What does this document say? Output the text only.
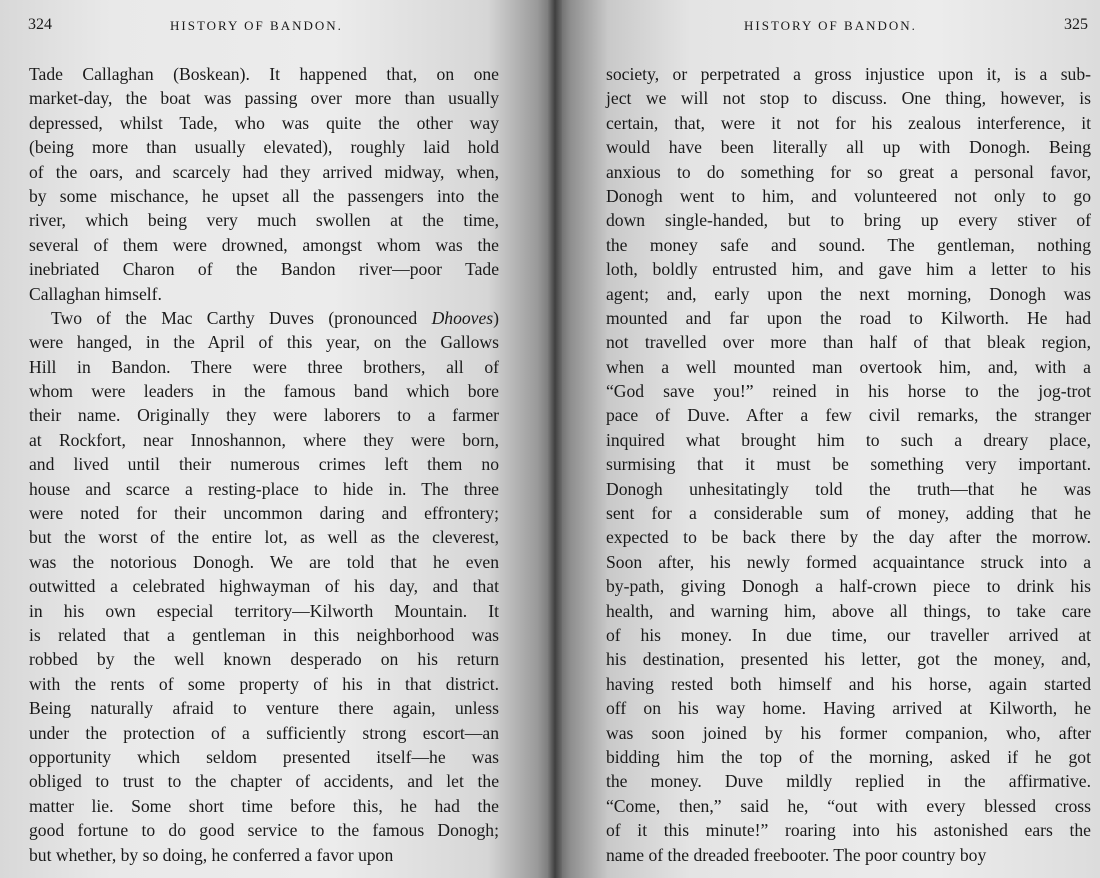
324	HISTORY OF BANDON.
Tade Callaghan (Boskean). It happened that, on one
market-day, the boat was passing over more than usually
depressed, whilst Tade, who was quite the other way
(being more than usually elevated), roughly laid hold
of the oars, and scarcely had they arrived midway, when,
by some mischance, he upset all the passengers into the
river, which being very much swollen at the time,
several of them were drowned, amongst whom was the
inebriated Charon of the Bandon river—poor Tade
Callaghan himself.
Two of the Mac Carthy Duves (pronounced Dhooves)
were hanged, in the April of this year, on the Gallows
Hill in Bandon. There were three brothers, all of
whom were leaders in the famous band which bore
their name. Originally they were laborers to a farmer
at Rockfort, near Innoshannon, where they were born,
and lived until their numerous crimes left them no
house and scarce a resting-place to hide in. The three
were noted for their uncommon daring and effrontery;
but the worst of the entire lot, as well as the cleverest,
was the notorious Donogh. We are told that he even
outwitted a celebrated highwayman of his day, and that
in his own especial territory—Kilworth Mountain. It
is related that a gentleman in this neighborhood was
robbed by the well known desperado on his return
with the rents of some property of his in that district.
Being naturally afraid to venture there again, unless
under the protection of a sufficiently strong escort—an
opportunity which seldom presented itself—he was
obliged to trust to the chapter of accidents, and let the
matter lie. Some short time before this, he had the
good fortune to do good service to the famous Donogh;
but whether, by so doing, he conferred a favor upon
HISTORY OF BANDON.	325
society, or perpetrated a gross injustice upon it, is a sub-
ject we will not stop to discuss. One thing, however, is
certain, that, were it not for his zealous interference, it
would have been literally all up with Donogh. Being
anxious to do something for so great a personal favor,
Donogh went to him, and volunteered not only to go
down single-handed, but to bring up every stiver of
the money safe and sound. The gentleman, nothing
loth, boldly entrusted him, and gave him a letter to his
agent; and, early upon the next morning, Donogh was
mounted and far upon the road to Kilworth. He had
not travelled over more than half of that bleak region,
when a well mounted man overtook him, and, with a
“God save you!” reined in his horse to the jog-trot
pace of Duve. After a few civil remarks, the stranger
inquired what brought him to such a dreary place,
surmising that it must be something very important.
Donogh unhesitatingly told the truth—that he was
sent for a considerable sum of money, adding that he
expected to be back there by the day after the morrow.
Soon after, his newly formed acquaintance struck into a
by-path, giving Donogh a half-crown piece to drink his
health, and warning him, above all things, to take care
of his money. In due time, our traveller arrived at
his destination, presented his letter, got the money, and,
having rested both himself and his horse, again started
off on his way home. Having arrived at Kilworth, he
was soon joined by his former companion, who, after
bidding him the top of the morning, asked if he got
the money. Duve mildly replied in the affirmative.
“Come, then,” said he, “out with every blessed cross
of it this minute!” roaring into his astonished ears the
name of the dreaded freebooter. The poor country boy
